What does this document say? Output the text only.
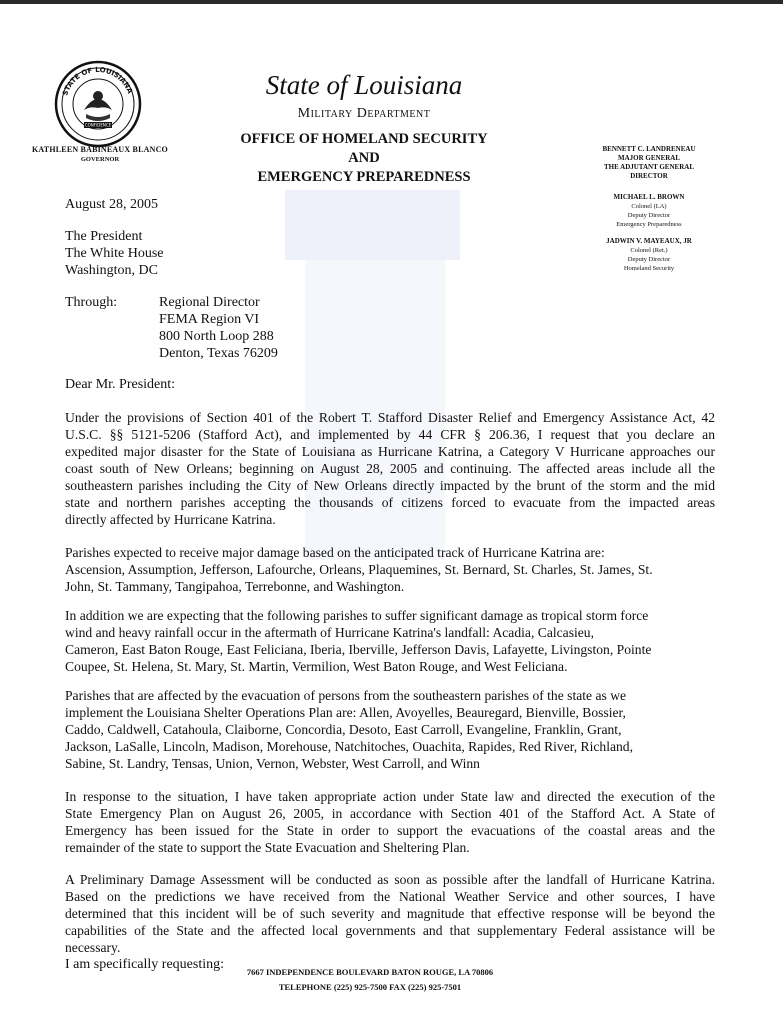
STATE OF LOUISIANA
CONFIDENCE
KATHLEEN BABINEAUX BLANCO
GOVERNOR
State of Louisiana
Military Department
OFFICE OF HOMELAND SECURITY
AND
EMERGENCY PREPAREDNESS
BENNETT C. LANDRENEAU
MAJOR GENERAL
THE ADJUTANT GENERAL
DIRECTOR
MICHAEL L. BROWN
Colonel (LA)
Deputy Director
Emergency Preparedness
JADWIN V. MAYEAUX, JR
Colonel (Ret.)
Deputy Director
Homeland Security
August 28, 2005
The President
The White House
Washington, DC
Through:	Regional Director
FEMA Region VI
800 North Loop 288
Denton, Texas 76209
Dear Mr. President:
Under the provisions of Section 401 of the Robert T. Stafford Disaster Relief and Emergency Assistance Act, 42
U.S.C. §§ 5121-5206 (Stafford Act), and implemented by 44 CFR § 206.36, I request that you declare an
expedited major disaster for the State of Louisiana as Hurricane Katrina, a Category V Hurricane approaches our
coast south of New Orleans; beginning on August 28, 2005 and continuing. The affected areas include all the
southeastern parishes including the City of New Orleans directly impacted by the brunt of the storm and the mid
state and northern parishes accepting the thousands of citizens forced to evacuate from the impacted areas
directly affected by Hurricane Katrina.
Parishes expected to receive major damage based on the anticipated track of Hurricane Katrina are:
Ascension, Assumption, Jefferson, Lafourche, Orleans, Plaquemines, St. Bernard, St. Charles, St. James, St.
John, St. Tammany, Tangipahoa, Terrebonne, and Washington.
In addition we are expecting that the following parishes to suffer significant damage as tropical storm force
wind and heavy rainfall occur in the aftermath of Hurricane Katrina's landfall: Acadia, Calcasieu,
Cameron, East Baton Rouge, East Feliciana, Iberia, Iberville, Jefferson Davis, Lafayette, Livingston, Pointe
Coupee, St. Helena, St. Mary, St. Martin, Vermilion, West Baton Rouge, and West Feliciana.
Parishes that are affected by the evacuation of persons from the southeastern parishes of the state as we
implement the Louisiana Shelter Operations Plan are: Allen, Avoyelles, Beauregard, Bienville, Bossier,
Caddo, Caldwell, Catahoula, Claiborne, Concordia, Desoto, East Carroll, Evangeline, Franklin, Grant,
Jackson, LaSalle, Lincoln, Madison, Morehouse, Natchitoches, Ouachita, Rapides, Red River, Richland,
Sabine, St. Landry, Tensas, Union, Vernon, Webster, West Carroll, and Winn
In response to the situation, I have taken appropriate action under State law and directed the execution of the
State Emergency Plan on August 26, 2005, in accordance with Section 401 of the Stafford Act. A State of
Emergency has been issued for the State in order to support the evacuations of the coastal areas and the
remainder of the state to support the State Evacuation and Sheltering Plan.
A Preliminary Damage Assessment will be conducted as soon as possible after the landfall of Hurricane Katrina.
Based on the predictions we have received from the National Weather Service and other sources, I have
determined that this incident will be of such severity and magnitude that effective response will be beyond the
capabilities of the State and the affected local governments and that supplementary Federal assistance will be
necessary.
I am specifically requesting:	7667 INDEPENDENCE BOULEVARD BATON ROUGE, LA 70806
TELEPHONE (225) 925-7500 FAX (225) 925-7501
